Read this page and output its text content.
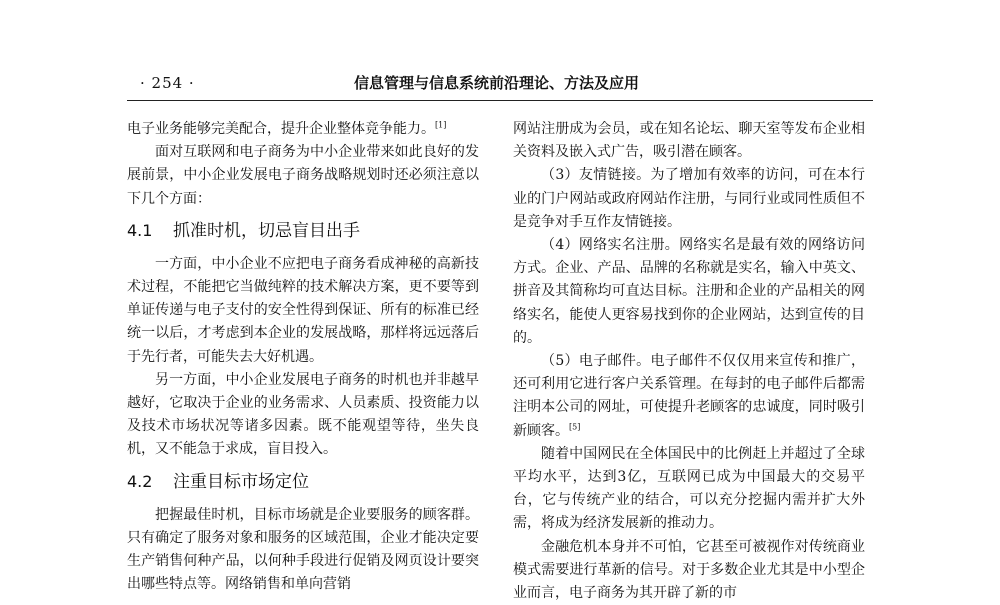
· 254 ·	信息管理与信息系统前沿理论、方法及应用

电子业务能够完美配合，提升企业整体竞争能力。[1]

面对互联网和电子商务为中小企业带来如此良好的发展前景，中小企业发展电子商务战略规划时还必须注意以下几个方面：

4.1 抓准时机，切忌盲目出手

一方面，中小企业不应把电子商务看成神秘的高新技术过程，不能把它当做纯粹的技术解决方案，更不要等到单证传递与电子支付的安全性得到保证、所有的标准已经统一以后，才考虑到本企业的发展战略，那样将远远落后于先行者，可能失去大好机遇。

另一方面，中小企业发展电子商务的时机也并非越早越好，它取决于企业的业务需求、人员素质、投资能力以及技术市场状况等诸多因素。既不能观望等待，坐失良机，又不能急于求成，盲目投入。

4.2 注重目标市场定位

把握最佳时机，目标市场就是企业要服务的顾客群。只有确定了服务对象和服务的区域范围，企业才能决定要生产销售何种产品，以何种手段进行促销及网页设计要突出哪些特点等。网络销售和单向营销

网站注册成为会员，或在知名论坛、聊天室等发布企业相关资料及嵌入式广告，吸引潜在顾客。

（3）友情链接。为了增加有效率的访问，可在本行业的门户网站或政府网站作注册，与同行业或同性质但不是竞争对手互作友情链接。

（4）网络实名注册。网络实名是最有效的网络访问方式。企业、产品、品牌的名称就是实名，输入中英文、拼音及其简称均可直达目标。注册和企业的产品相关的网络实名，能使人更容易找到你的企业网站，达到宣传的目的。

（5）电子邮件。电子邮件不仅仅用来宣传和推广，还可利用它进行客户关系管理。在每封的电子邮件后都需注明本公司的网址，可使提升老顾客的忠诚度，同时吸引新顾客。[5]

随着中国网民在全体国民中的比例赶上并超过了全球平均水平，达到3亿，互联网已成为中国最大的交易平台，它与传统产业的结合，可以充分挖掘内需并扩大外需，将成为经济发展新的推动力。

金融危机本身并不可怕，它甚至可被视作对传统商业模式需要进行革新的信号。对于多数企业尤其是中小型企业而言，电子商务为其开辟了新的市
